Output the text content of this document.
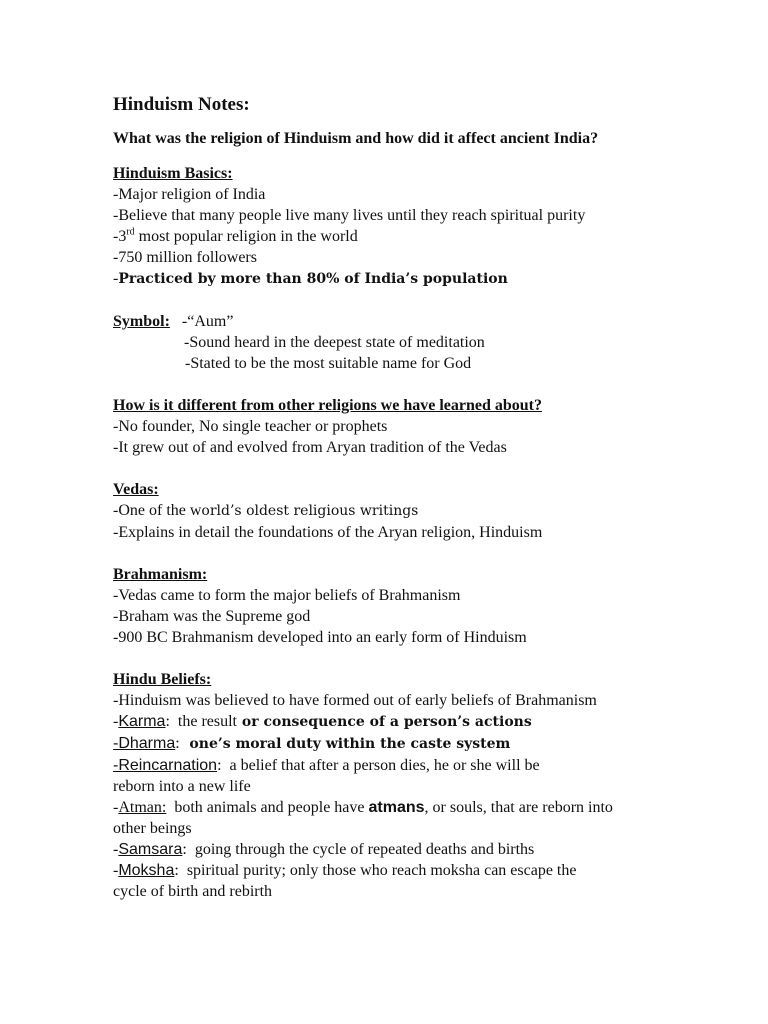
Hinduism Notes:
What was the religion of Hinduism and how did it affect ancient India?
Hinduism Basics:
-Major religion of India
-Believe that many people live many lives until they reach spiritual purity
-3rd most popular religion in the world
-750 million followers
-Practiced by more than 80% of India’s population
Symbol: -“Aum”
-Sound heard in the deepest state of meditation
-Stated to be the most suitable name for God
How is it different from other religions we have learned about?
-No founder, No single teacher or prophets
-It grew out of and evolved from Aryan tradition of the Vedas
Vedas:
-One of the world’s oldest religious writings
-Explains in detail the foundations of the Aryan religion, Hinduism
Brahmanism:
-Vedas came to form the major beliefs of Brahmanism
-Braham was the Supreme god
-900 BC Brahmanism developed into an early form of Hinduism
Hindu Beliefs:
-Hinduism was believed to have formed out of early beliefs of Brahmanism
-Karma:  the result or consequence of a person’s actions
-Dharma:  one’s moral duty within the caste system
-Reincarnation:  a belief that after a person dies, he or she will be
reborn into a new life
-Atman:  both animals and people have atmans, or souls, that are reborn into
other beings
-Samsara:  going through the cycle of repeated deaths and births
-Moksha:  spiritual purity; only those who reach moksha can escape the
cycle of birth and rebirth
